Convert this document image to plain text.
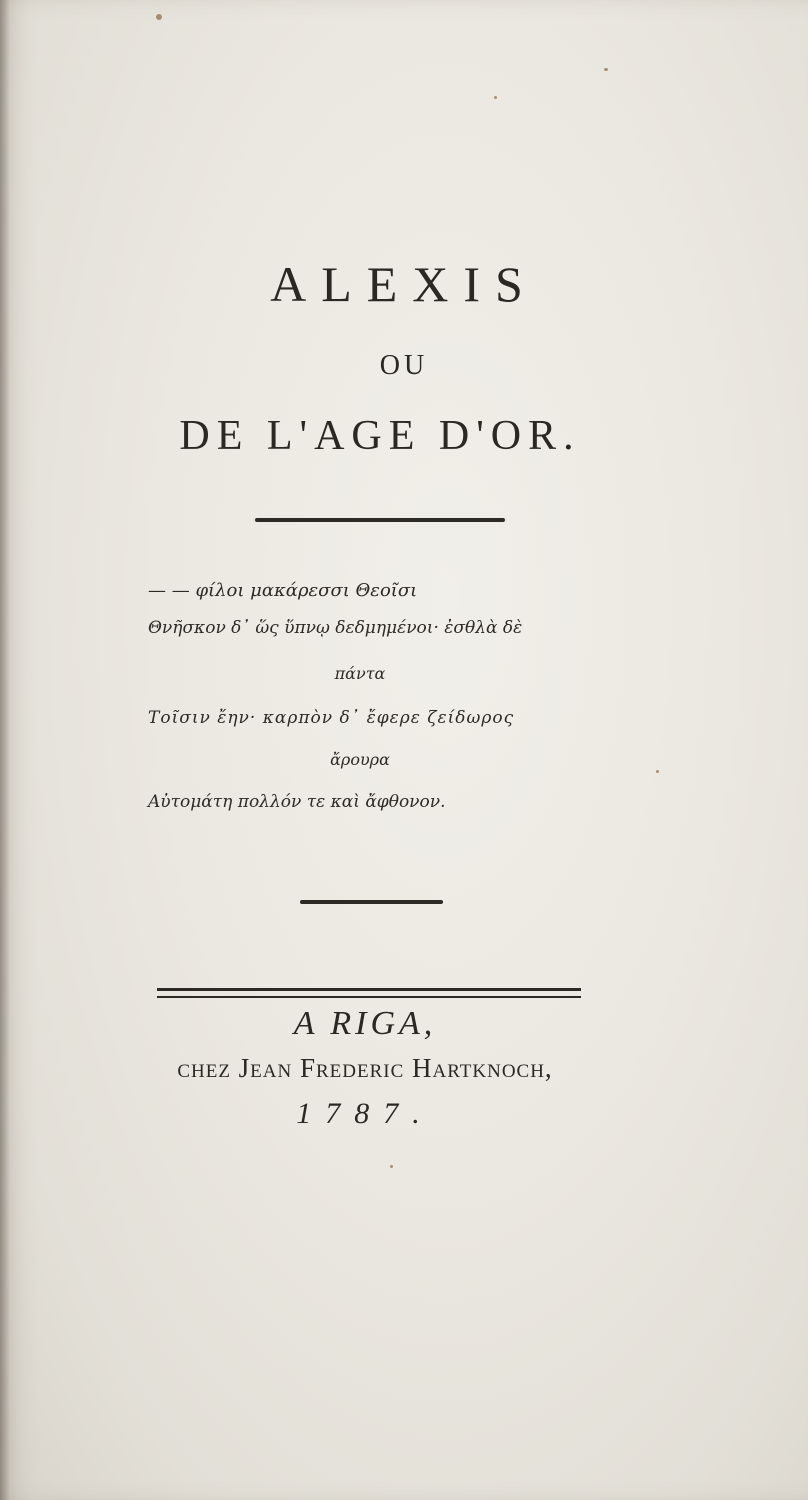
ALEXIS
OU
DE L'AGE D'OR.
— — φίλοι μακάρεσσι Θεοῖσι
Θνῆσκον δ᾽ ὥς ὕπνῳ δεδμημένοι· ἐσθλὰ δὲ
πάντα
Τοῖσιν ἔην· καρπὸν δ᾽ ἔφερε ζείδωρος
ἄρουρα
Αὐτομάτη πολλόν τε καὶ ἄφθονον.
A RIGA,
chez Jean Frederic Hartknoch,
1787.
